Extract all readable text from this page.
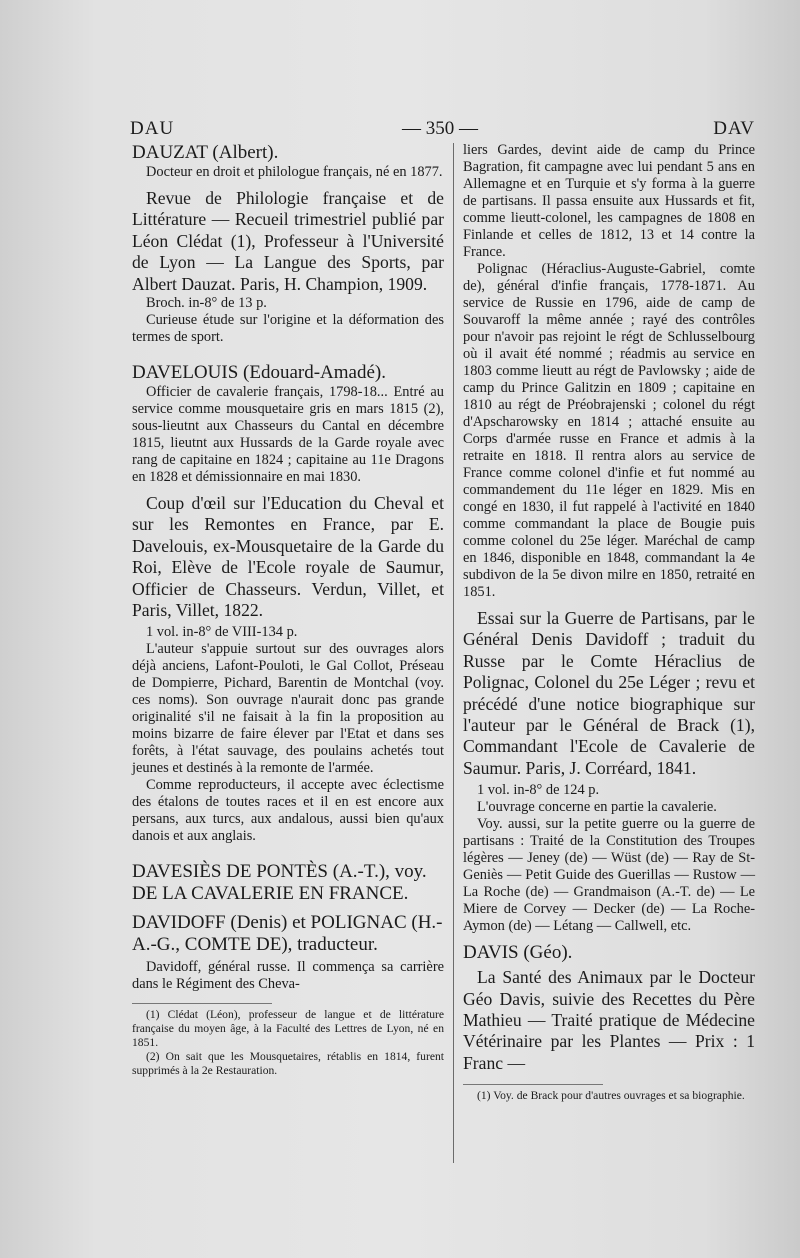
DAU	— 350 —	DAV

DAUZAT (Albert).

Docteur en droit et philologue français, né en 1877.

Revue de Philologie française et de Littérature — Recueil trimestriel publié par Léon Clédat (1), Professeur à l'Université de Lyon — La Langue des Sports, par Albert Dauzat. Paris, H. Champion, 1909.

Broch. in-8° de 13 p.

Curieuse étude sur l'origine et la déformation des termes de sport.

DAVELOUIS (Edouard-Amadé).

Officier de cavalerie français, 1798-18... Entré au service comme mousquetaire gris en mars 1815 (2), sous-lieutnt aux Chasseurs du Cantal en décembre 1815, lieutnt aux Hussards de la Garde royale avec rang de capitaine en 1824 ; capitaine au 11e Dragons en 1828 et démissionnaire en mai 1830.

Coup d'œil sur l'Education du Cheval et sur les Remontes en France, par E. Davelouis, ex-Mousquetaire de la Garde du Roi, Elève de l'Ecole royale de Saumur, Officier de Chasseurs. Verdun, Villet, et Paris, Villet, 1822.

1 vol. in-8° de VIII-134 p.

L'auteur s'appuie surtout sur des ouvrages alors déjà anciens, Lafont-Pouloti, le Gal Collot, Préseau de Dompierre, Pichard, Barentin de Montchal (voy. ces noms). Son ouvrage n'aurait donc pas grande originalité s'il ne faisait à la fin la proposition au moins bizarre de faire élever par l'Etat et dans ses forêts, à l'état sauvage, des poulains achetés tout jeunes et destinés à la remonte de l'armée.

Comme reproducteurs, il accepte avec éclectisme des étalons de toutes races et il en est encore aux persans, aux turcs, aux andalous, aussi bien qu'aux danois et aux anglais.

DAVESIÈS DE PONTÈS (A.-T.), voy. DE LA CAVALERIE EN FRANCE.

DAVIDOFF (Denis) et POLIGNAC (H.-A.-G., COMTE DE), traducteur.

Davidoff, général russe. Il commença sa carrière dans le Régiment des Cheva-

(1) Clédat (Léon), professeur de langue et de littérature française du moyen âge, à la Faculté des Lettres de Lyon, né en 1851.

(2) On sait que les Mousquetaires, rétablis en 1814, furent supprimés à la 2e Restauration.

liers Gardes, devint aide de camp du Prince Bagration, fit campagne avec lui pendant 5 ans en Allemagne et en Turquie et s'y forma à la guerre de partisans. Il passa ensuite aux Hussards et fit, comme lieutt-colonel, les campagnes de 1808 en Finlande et celles de 1812, 13 et 14 contre la France.

Polignac (Héraclius-Auguste-Gabriel, comte de), général d'infie français, 1778-1871. Au service de Russie en 1796, aide de camp de Souvaroff la même année ; rayé des contrôles pour n'avoir pas rejoint le régt de Schlusselbourg où il avait été nommé ; réadmis au service en 1803 comme lieutt au régt de Pavlowsky ; aide de camp du Prince Galitzin en 1809 ; capitaine en 1810 au régt de Préobrajenski ; colonel du régt d'Apscharowsky en 1814 ; attaché ensuite au Corps d'armée russe en France et admis à la retraite en 1818. Il rentra alors au service de France comme colonel d'infie et fut nommé au commandement du 11e léger en 1829. Mis en congé en 1830, il fut rappelé à l'activité en 1840 comme commandant la place de Bougie puis comme colonel du 25e léger. Maréchal de camp en 1846, disponible en 1848, commandant la 4e subdivon de la 5e divon milre en 1850, retraité en 1851.

Essai sur la Guerre de Partisans, par le Général Denis Davidoff ; traduit du Russe par le Comte Héraclius de Polignac, Colonel du 25e Léger ; revu et précédé d'une notice biographique sur l'auteur par le Général de Brack (1), Commandant l'Ecole de Cavalerie de Saumur. Paris, J. Corréard, 1841.

1 vol. in-8° de 124 p.

L'ouvrage concerne en partie la cavalerie.

Voy. aussi, sur la petite guerre ou la guerre de partisans : Traité de la Constitution des Troupes légères — Jeney (de) — Wüst (de) — Ray de St-Geniès — Petit Guide des Guerillas — Rustow — La Roche (de) — Grandmaison (A.-T. de) — Le Miere de Corvey — Decker (de) — La Roche-Aymon (de) — Létang — Callwell, etc.

DAVIS (Géo).

La Santé des Animaux par le Docteur Géo Davis, suivie des Recettes du Père Mathieu — Traité pratique de Médecine Vétérinaire par les Plantes — Prix : 1 Franc —

(1) Voy. de Brack pour d'autres ouvrages et sa biographie.
